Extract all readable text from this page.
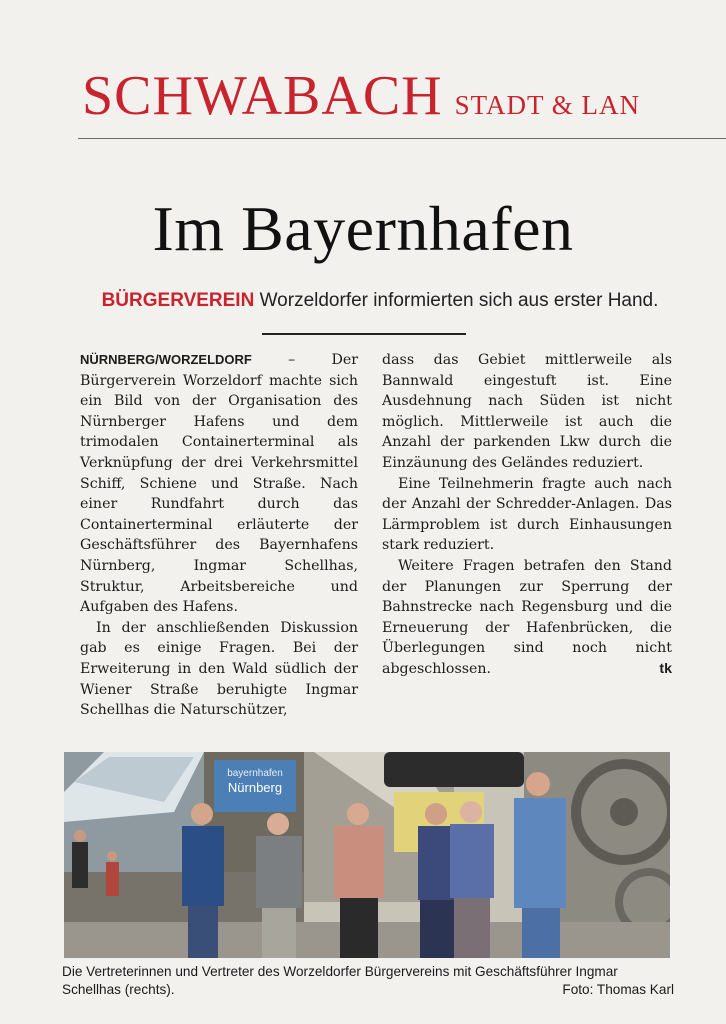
SCHWABACH STADT & LAN
Im Bayernhafen
BÜRGERVEREIN Worzeldorfer informierten sich aus erster Hand.

NÜRNBERG/WORZELDORF	– Der Bürgerverein Worzeldorf machte sich ein Bild von der Organisation des Nürnberger Hafens und dem trimodalen Containerterminal als Verknüpfung der drei Verkehrsmittel Schiff, Schiene und Straße. Nach einer Rundfahrt durch das Containerterminal erläuterte der Geschäftsführer des Bayernhafens Nürnberg, Ingmar Schellhas, Struktur, Arbeitsbereiche und Aufgaben des Hafens.

In der anschließenden Diskussion gab es einige Fragen. Bei der Erweiterung in den Wald südlich der Wiener Straße beruhigte Ingmar Schellhas die Naturschützer,

dass das Gebiet mittlerweile als Bannwald eingestuft ist. Eine Ausdehnung nach Süden ist nicht möglich. Mittlerweile ist auch die Anzahl der parkenden Lkw durch die Einzäunung des Geländes reduziert.

Eine Teilnehmerin fragte auch nach der Anzahl der Schredder-Anlagen. Das Lärmproblem ist durch Einhausungen stark reduziert.

Weitere Fragen betrafen den Stand der Planungen zur Sperrung der Bahnstrecke nach Regensburg und die Erneuerung der Hafenbrücken, die Überlegungen sind noch nicht abgeschlossen.	tk

bayernhafen
Nürnberg
Die Vertreterinnen und Vertreter des Worzeldorfer Bürgervereins mit Geschäftsführer Ingmar Schellhas (rechts).	Foto: Thomas Karl
